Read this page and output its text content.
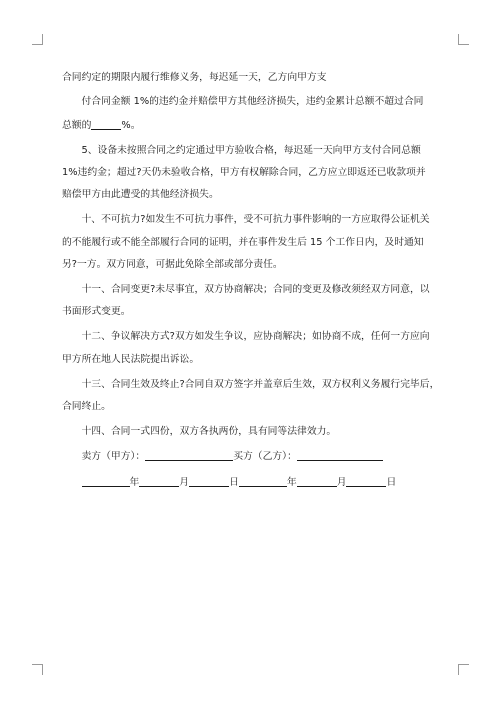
合同约定的期限内履行维修义务，每迟延一天，乙方向甲方支

付合同金额 1%的违约金并赔偿甲方其他经济损失，违约金累计总额不超过合同

总额的	%。

5、设备未按照合同之约定通过甲方验收合格，每迟延一天向甲方支付合同总额
1%违约金；超过?天仍未验收合格，甲方有权解除合同，乙方应立即返还已收款项并
赔偿甲方由此遭受的其他经济损失。

十、不可抗力?如发生不可抗力事件，受不可抗力事件影响的一方应取得公证机关
的不能履行或不能全部履行合同的证明，并在事件发生后 15 个工作日内，及时通知
另?一方。双方同意，可据此免除全部或部分责任。

十一、合同变更?未尽事宜，双方协商解决；合同的变更及修改须经双方同意，以
书面形式变更。

十二、争议解决方式?双方如发生争议，应协商解决；如协商不成，任何一方应向
甲方所在地人民法院提出诉讼。

十三、合同生效及终止?合同自双方签字并盖章后生效，双方权利义务履行完毕后，
合同终止。

十四、合同一式四份，双方各执两份，具有同等法律效力。

卖方（甲方）：	买方（乙方）：

年	月	日	年	月	日
